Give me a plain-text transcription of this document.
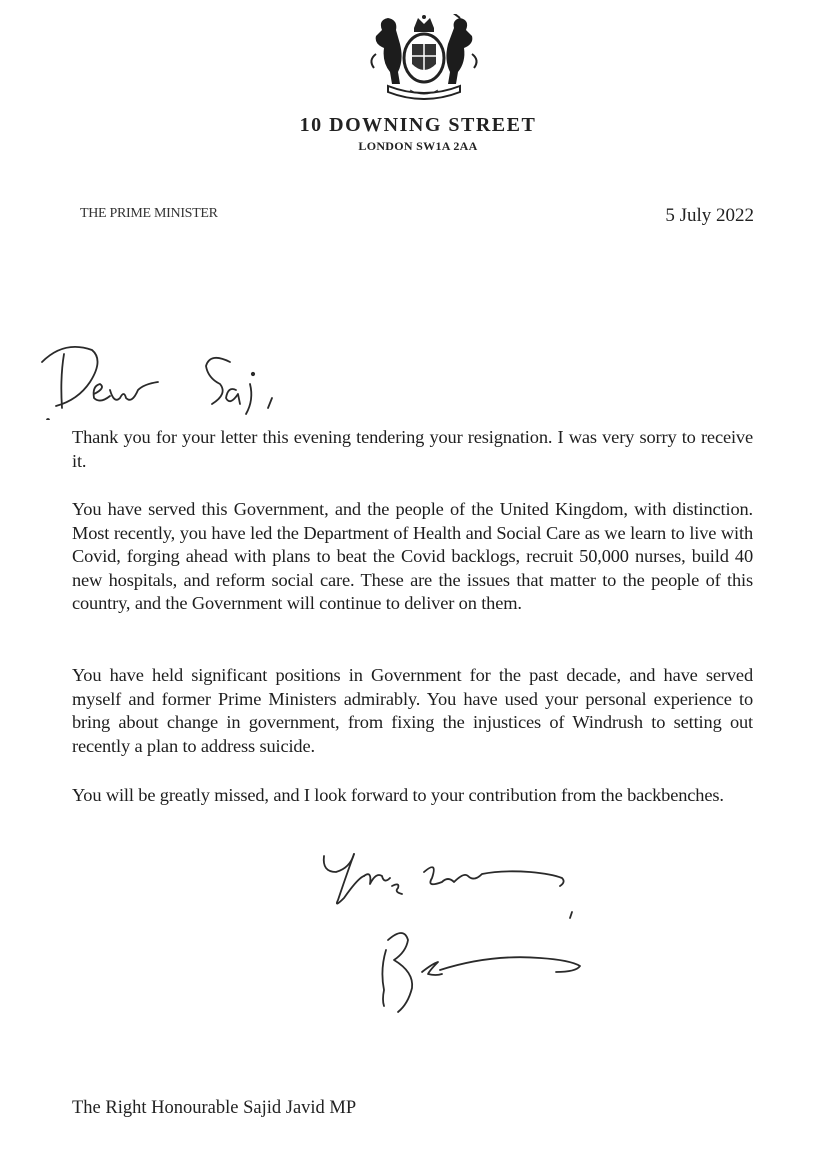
10 DOWNING STREET
LONDON SW1A 2AA
THE PRIME MINISTER	5 July 2022
Thank you for your letter this evening tendering your resignation. I was very sorry to receive it.
You have served this Government, and the people of the United Kingdom, with distinction. Most recently, you have led the Department of Health and Social Care as we learn to live with Covid, forging ahead with plans to beat the Covid backlogs, recruit 50,000 nurses, build 40 new hospitals, and reform social care. These are the issues that matter to the people of this country, and the Government will continue to deliver on them.
You have held significant positions in Government for the past decade, and have served myself and former Prime Ministers admirably. You have used your personal experience to bring about change in government, from fixing the injustices of Windrush to setting out recently a plan to address suicide.
You will be greatly missed, and I look forward to your contribution from the backbenches.
The Right Honourable Sajid Javid MP
